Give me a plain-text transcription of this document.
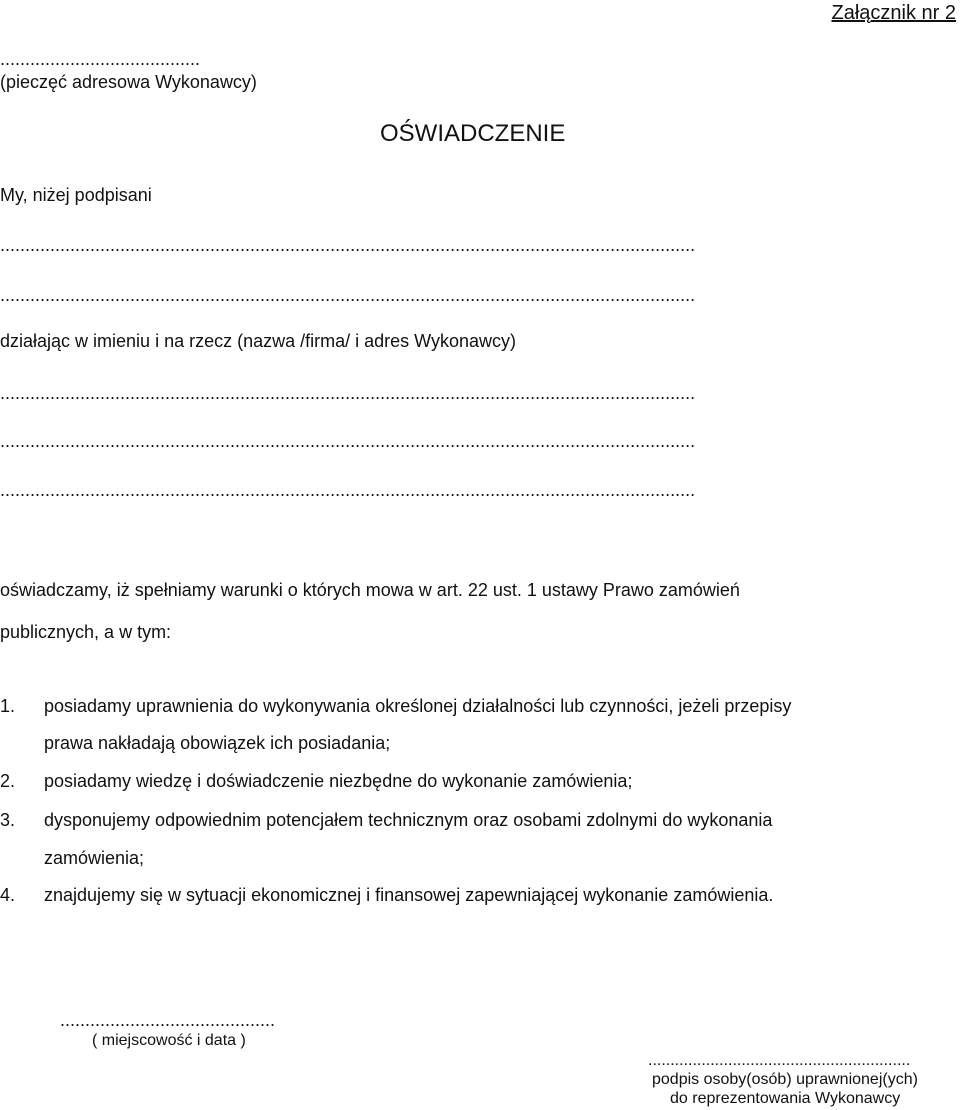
Załącznik nr 2
........................................
(pieczęć adresowa Wykonawcy)
OŚWIADCZENIE
My, niżej podpisani
...........................................................................................................................................
...........................................................................................................................................
działając w imieniu i na rzecz (nazwa /firma/ i adres Wykonawcy)
...........................................................................................................................................
...........................................................................................................................................
...........................................................................................................................................
oświadczamy, iż spełniamy warunki o których mowa w art. 22 ust. 1 ustawy Prawo zamówień
publicznych, a w tym:
1. posiadamy uprawnienia do wykonywania określonej działalności lub czynności, jeżeli przepisy
prawa nakładają obowiązek ich posiadania;
2. posiadamy wiedzę i doświadczenie niezbędne do wykonanie zamówienia;
3. dysponujemy odpowiednim potencjałem technicznym oraz osobami zdolnymi do wykonania
zamówienia;
4. znajdujemy się w sytuacji ekonomicznej i finansowej zapewniającej wykonanie zamówienia.
...........................................
( miejscowość i data )
...........................................................
podpis osoby(osób) uprawnionej(ych)
do reprezentowania Wykonawcy
